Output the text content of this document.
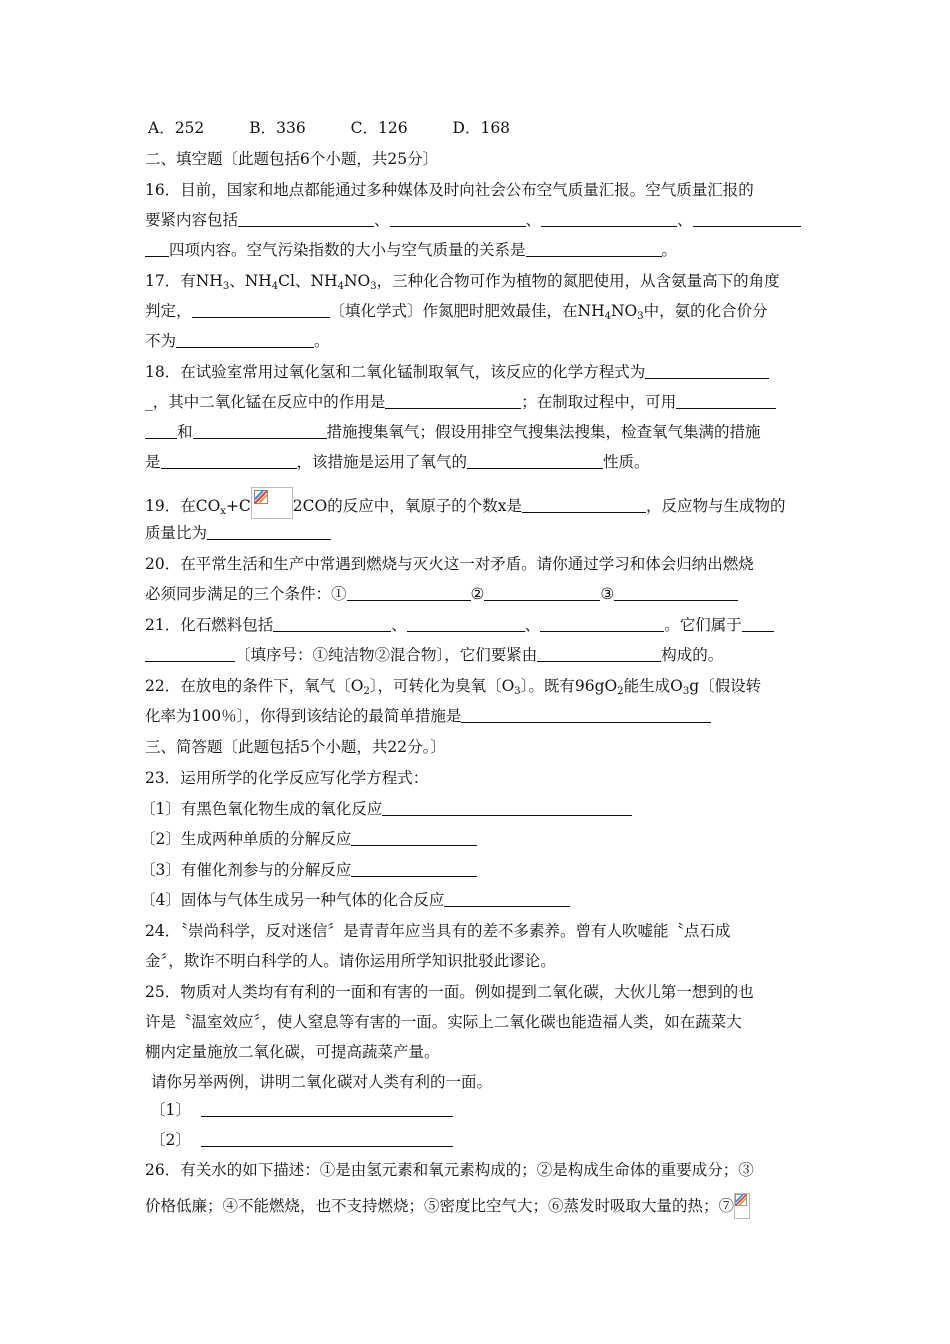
A．252	B．336	C．126	D．168
二、填空题〔此题包括6个小题，共25分〕
16．目前，国家和地点都能通过多种媒体及时向社会公布空气质量汇报。空气质量汇报的
要紧内容包括	、	、	、
四项内容。空气污染指数的大小与空气质量的关系是	。
17．有$NH_3$、$NH_4Cl$、$NH_4NO_3$，三种化合物可作为植物的氮肥使用，从含氨量高下的角度
判定，	〔填化学式〕作氮肥时肥效最佳，在$NH_4NO_3$中，氨的化合价分
不为	。
18．在试验室常用过氧化氢和二氧化锰制取氧气，该反应的化学方程式为
_，其中二氧化锰在反应中的作用是	；在制取过程中，可用
和	措施搜集氧气；假设用排空气搜集法搜集，检查氧气集满的措施
是	，该措施是运用了氧气的	性质。
19．在$CO_x+C$	2CO的反应中，氧原子的个数x是	，反应物与生成物的
质量比为
20．在平常生活和生产中常遇到燃烧与灭火这一对矛盾。请你通过学习和体会归纳出燃烧
必须同步满足的三个条件：①	②	③
21．化石燃料包括	、	、	。它们属于
〔填序号：①纯洁物②混合物〕，它们要紧由	构成的。
22．在放电的条件下，氧气〔$O_2$〕，可转化为臭氧〔$O_3$〕。既有$96gO_2$能生成$O_3g$〔假设转
化率为100％〕，你得到该结论的最简单措施是
三、简答题〔此题包括5个小题，共22分。〕
23．运用所学的化学反应写化学方程式：
〔1〕有黑色氧化物生成的氧化反应
〔2〕生成两种单质的分解反应
〔3〕有催化剂参与的分解反应
〔4〕固体与气体生成另一种气体的化合反应
24．〝崇尚科学，反对迷信〞是青青年应当具有的差不多素养。曾有人吹嘘能〝点石成
金〞，欺诈不明白科学的人。请你运用所学知识批驳此谬论。
25．物质对人类均有有利的一面和有害的一面。例如提到二氧化碳，大伙儿第一想到的也
许是〝温室效应〞，使人窒息等有害的一面。实际上二氧化碳也能造福人类，如在蔬菜大
棚内定量施放二氧化碳，可提高蔬菜产量。
请你另举两例，讲明二氧化碳对人类有利的一面。
〔1〕
〔2〕
26．有关水的如下描述：①是由氢元素和氧元素构成的；②是构成生命体的重要成分；③
价格低廉；④不能燃烧，也不支持燃烧；⑤密度比空气大；⑥蒸发时吸取大量的热；⑦
